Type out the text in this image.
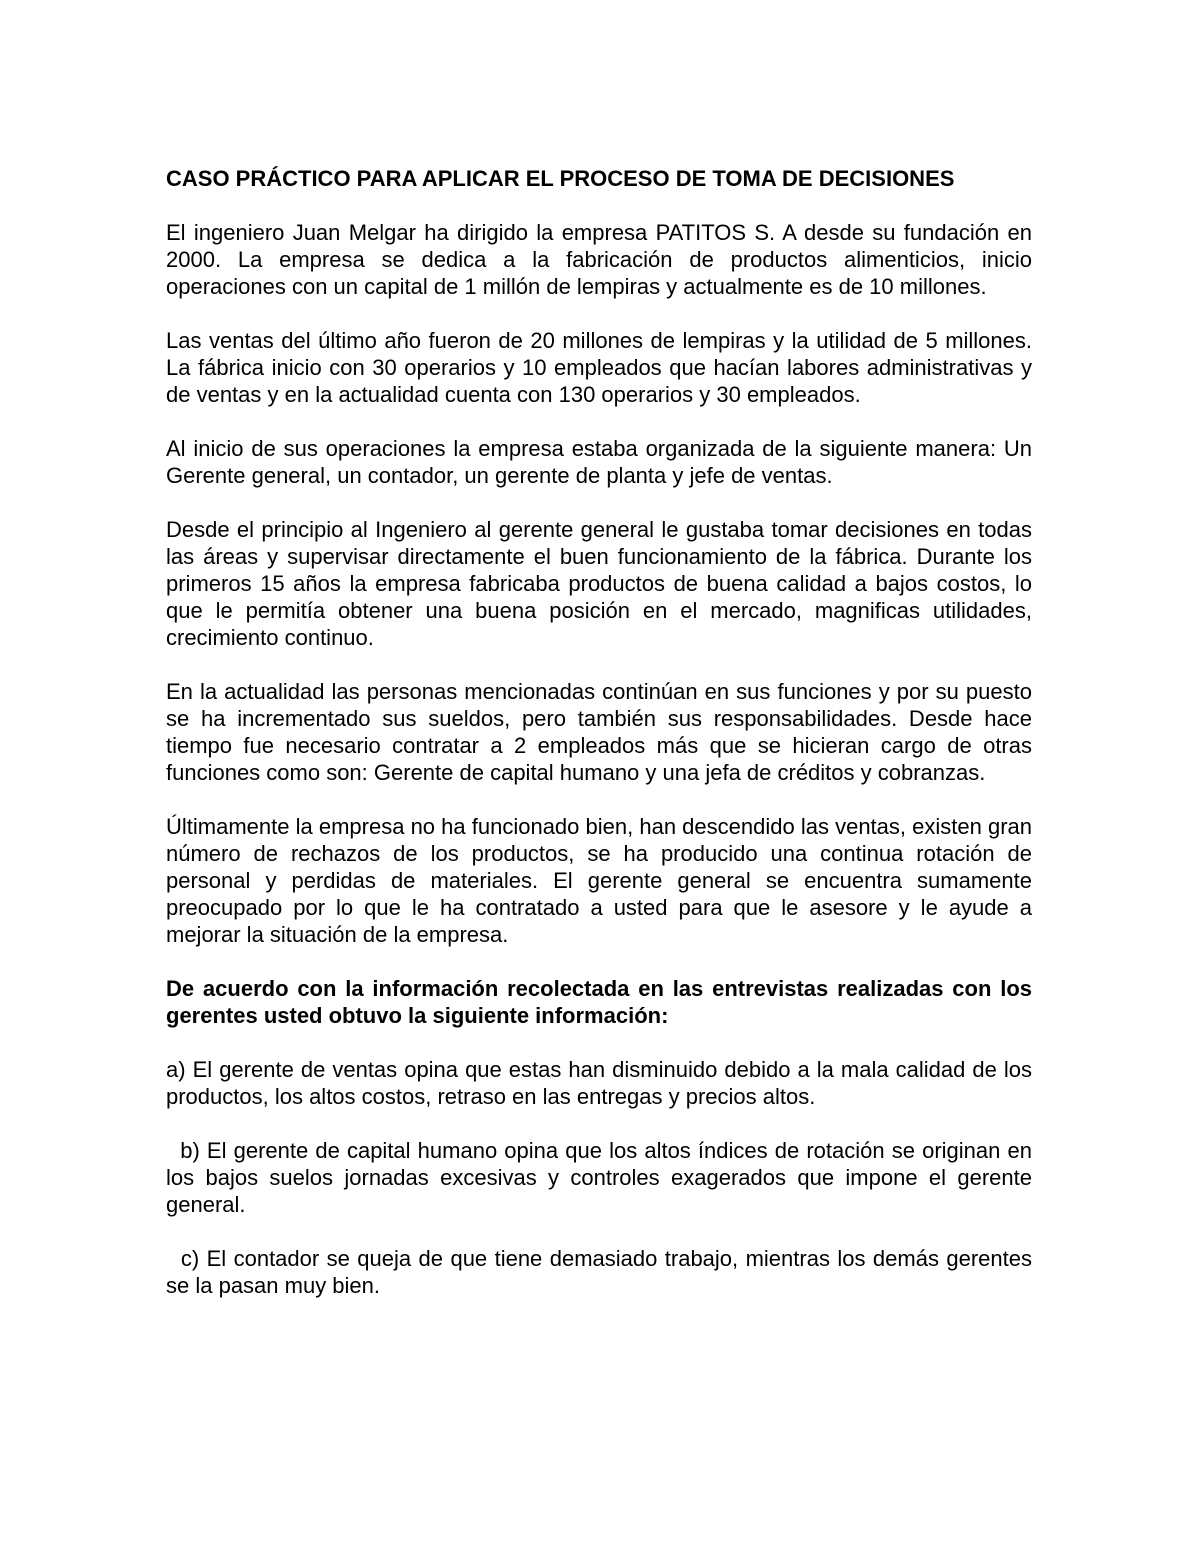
CASO PRÁCTICO PARA APLICAR EL PROCESO DE TOMA DE DECISIONES

El ingeniero Juan Melgar ha dirigido la empresa PATITOS S. A desde su fundación en 2000. La empresa se dedica a la fabricación de productos alimenticios, inicio operaciones con un capital de 1 millón de lempiras y actualmente es de 10 millones.

Las ventas del último año fueron de 20 millones de lempiras y la utilidad de 5 millones. La fábrica inicio con 30 operarios y 10 empleados que hacían labores administrativas y de ventas y en la actualidad cuenta con 130 operarios y 30 empleados.

Al inicio de sus operaciones la empresa estaba organizada de la siguiente manera: Un Gerente general, un contador, un gerente de planta y jefe de ventas.

Desde el principio al Ingeniero al gerente general le gustaba tomar decisiones en todas las áreas y supervisar directamente el buen funcionamiento de la fábrica. Durante los primeros 15 años la empresa fabricaba productos de buena calidad a bajos costos, lo que le permitía obtener una buena posición en el mercado, magnificas utilidades, crecimiento continuo.

En la actualidad las personas mencionadas continúan en sus funciones y por su puesto se ha incrementado sus sueldos, pero también sus responsabilidades. Desde hace tiempo fue necesario contratar a 2 empleados más que se hicieran cargo de otras funciones como son: Gerente de capital humano y una jefa de créditos y cobranzas.

Últimamente la empresa no ha funcionado bien, han descendido las ventas, existen gran número de rechazos de los productos, se ha producido una continua rotación de personal y perdidas de materiales. El gerente general se encuentra sumamente preocupado por lo que le ha contratado a usted para que le asesore y le ayude a mejorar la situación de la empresa.

De acuerdo con la información recolectada en las entrevistas realizadas con los gerentes usted obtuvo la siguiente información:

a) El gerente de ventas opina que estas han disminuido debido a la mala calidad de los productos, los altos costos, retraso en las entregas y precios altos.

b) El gerente de capital humano opina que los altos índices de rotación se originan en los bajos suelos jornadas excesivas y controles exagerados que impone el gerente general.

c) El contador se queja de que tiene demasiado trabajo, mientras los demás gerentes se la pasan muy bien.
